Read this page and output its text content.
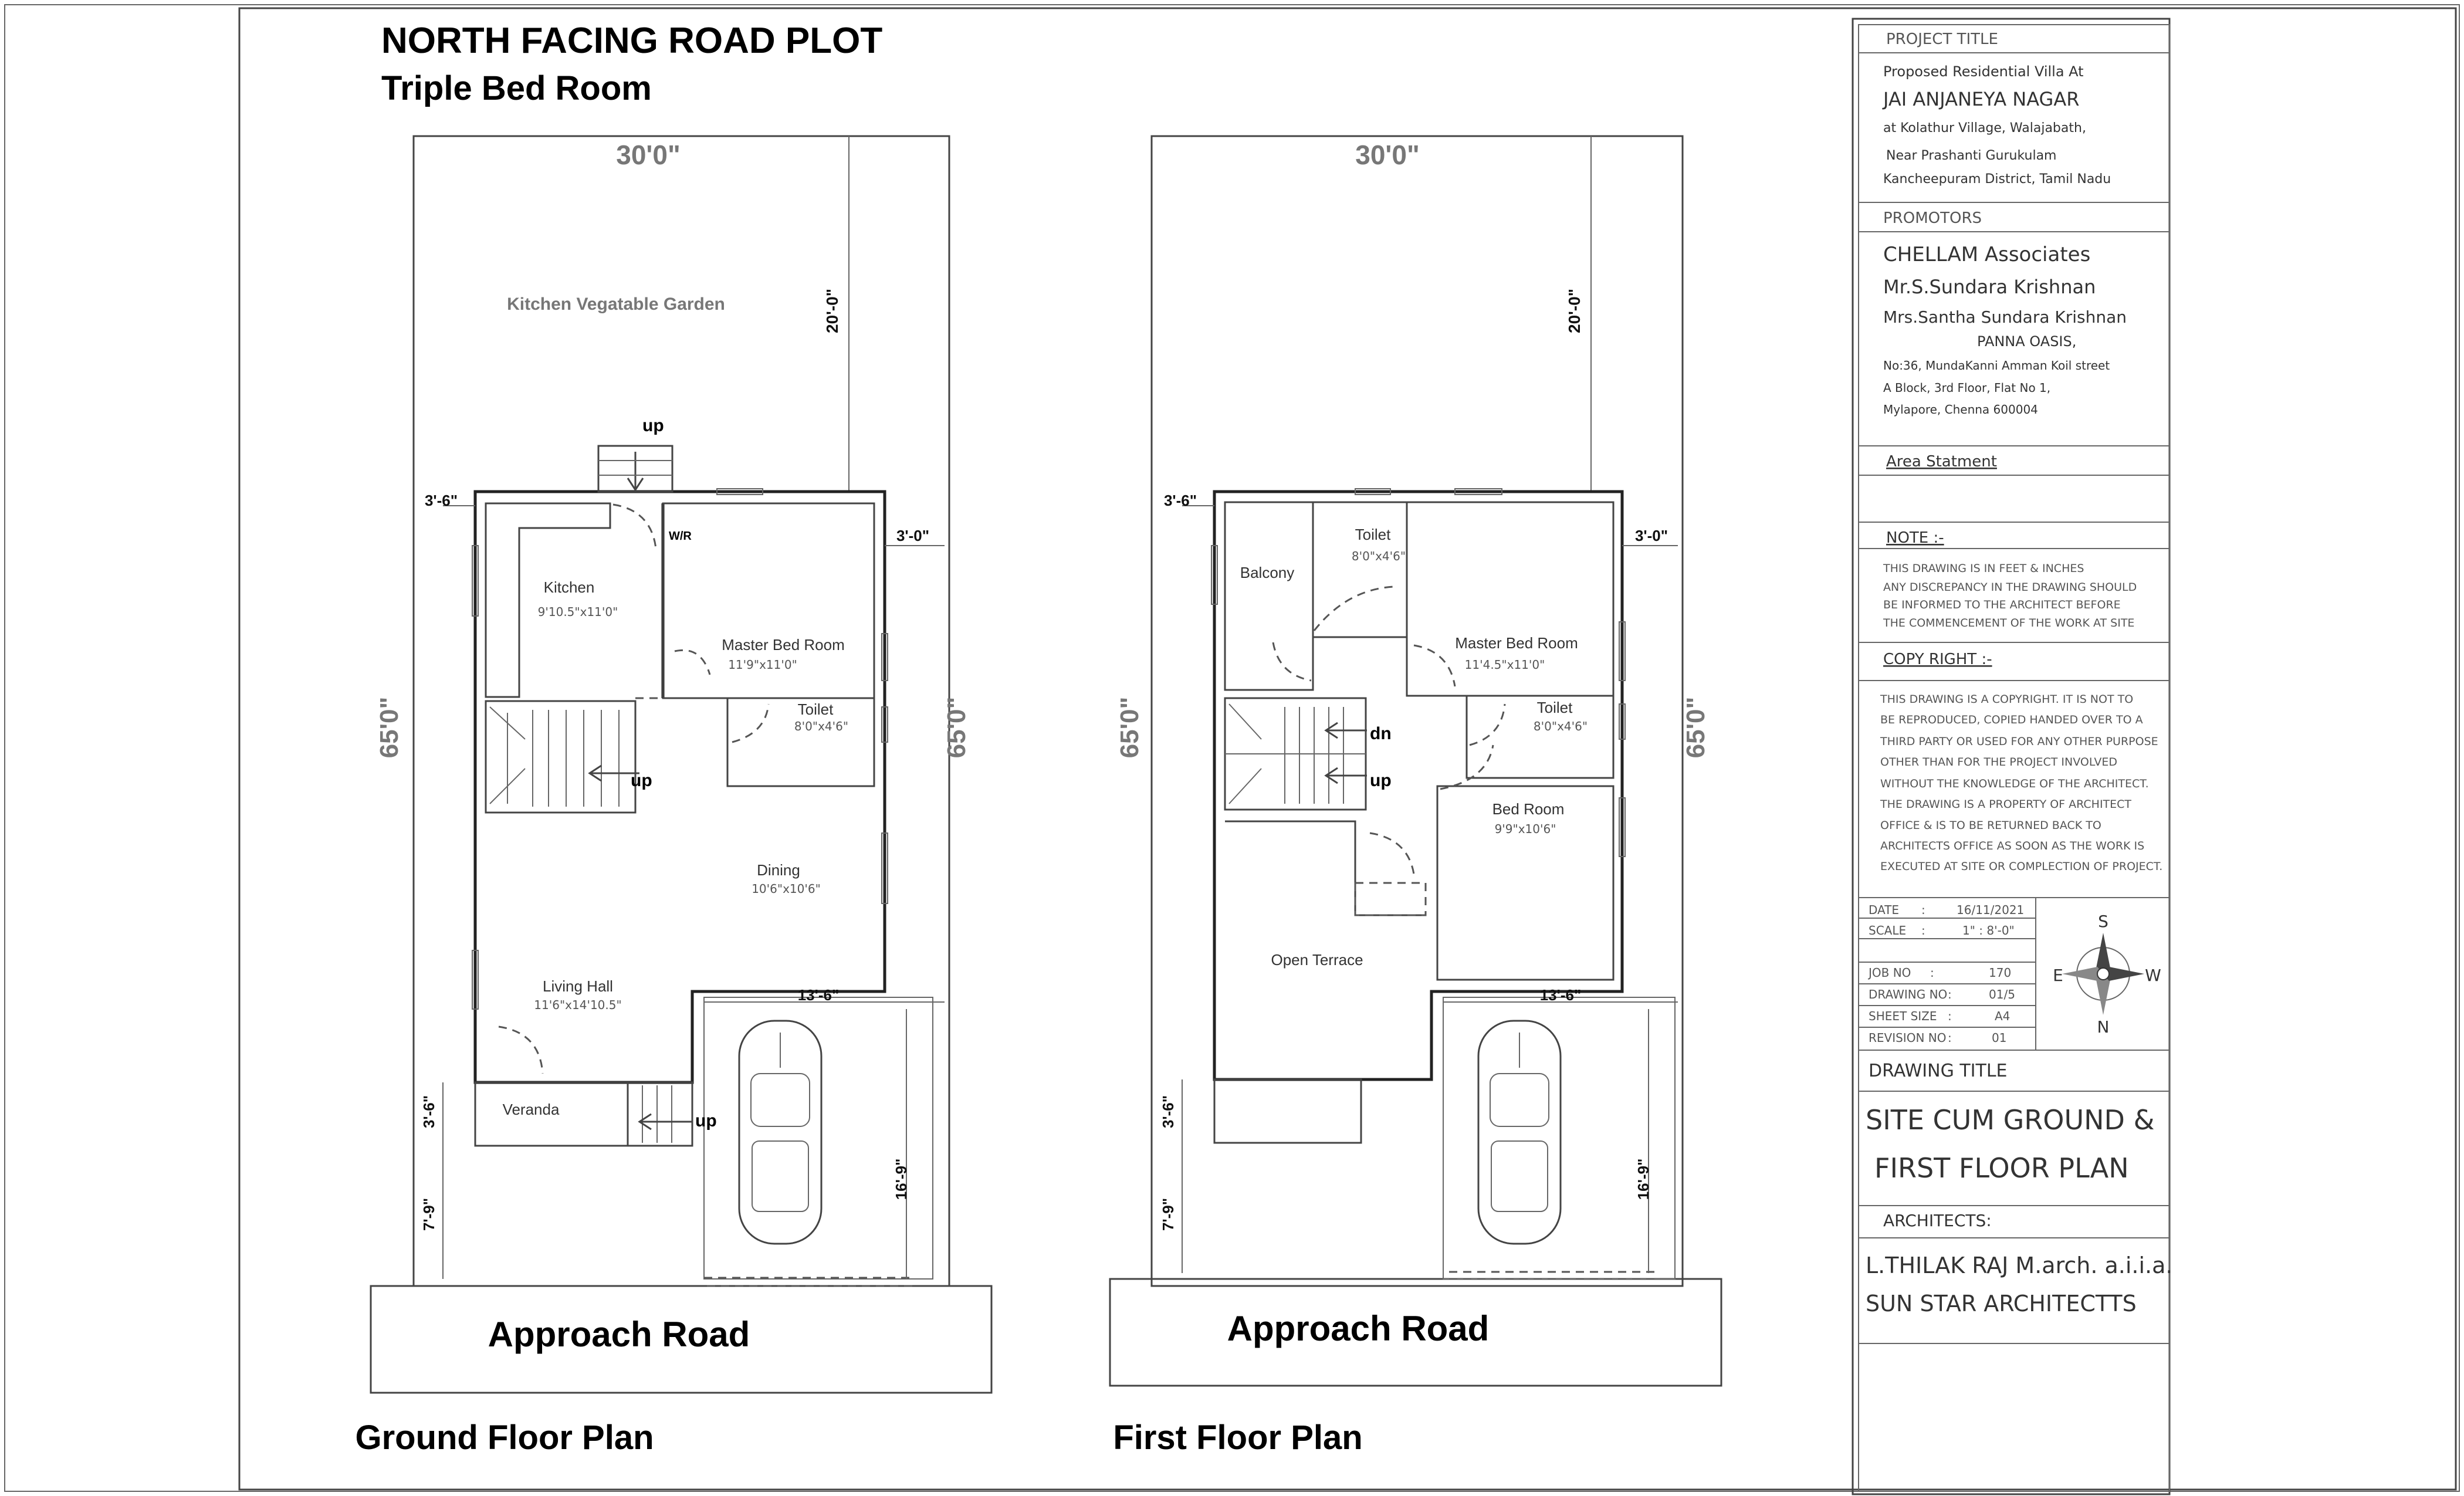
NORTH FACING ROAD PLOT
Triple Bed Room
30'0"
Kitchen Vegatable Garden	20'-0"
3'-6"
3'-0"
65'0"	65'0"
up
up
up
W/R
Kitchen
9'10.5"x11'0"
Master Bed Room
11'9"x11'0"
Toilet
8'0"x4'6"
Dining
10'6"x10'6"
Living Hall
11'6"x14'10.5"
Veranda
13'-6"
16'-9"
7'-9"
3'-6"
Approach Road
Ground Floor Plan
30'0"
20'-0"
3'-6"
3'-0"
65'0"	65'0"
dn
up
Balcony
Toilet
8'0"x4'6"
Master Bed Room
11'4.5"x11'0"
Toilet
8'0"x4'6"
Bed Room
9'9"x10'6"
Open Terrace
13'-6"
16'-9"
7'-9"
3'-6"
Approach Road
First Floor Plan
PROJECT TITLE
Proposed Residential Villa At
JAI ANJANEYA NAGAR
at Kolathur Village, Walajabath,
Near Prashanti Gurukulam
Kancheepuram District, Tamil Nadu
PROMOTORS
CHELLAM Associates
Mr.S.Sundara Krishnan
Mrs.Santha Sundara Krishnan
PANNA OASIS,
No:36, MundaKanni Amman Koil street
A Block, 3rd Floor, Flat No 1,
Mylapore, Chenna 600004
Area Statment
NOTE :-
THIS DRAWING IS IN FEET & INCHES
ANY DISCREPANCY IN THE DRAWING SHOULD
BE INFORMED TO THE ARCHITECT BEFORE
THE COMMENCEMENT OF THE WORK AT SITE
COPY RIGHT :-
THIS DRAWING IS A COPYRIGHT. IT IS NOT TO
BE REPRODUCED, COPIED HANDED OVER TO A
THIRD PARTY OR USED FOR ANY OTHER PURPOSE
OTHER THAN FOR THE PROJECT INVOLVED
WITHOUT THE KNOWLEDGE OF THE ARCHITECT.
THE DRAWING IS A PROPERTY OF ARCHITECT
OFFICE & IS TO BE RETURNED BACK TO
ARCHITECTS OFFICE AS SOON AS THE WORK IS
EXECUTED AT SITE OR COMPLECTION OF PROJECT.
DATE :	16/11/2021
SCALE :	1" : 8'-0"
JOB NO :	170
DRAWING NO :	01/5
SHEET SIZE :	A4
REVISION NO :	01
S
E	W
N
DRAWING TITLE
SITE CUM GROUND &
FIRST FLOOR PLAN
ARCHITECTS:
L.THILAK RAJ M.arch. a.i.i.a.
SUN STAR ARCHITECTTS
